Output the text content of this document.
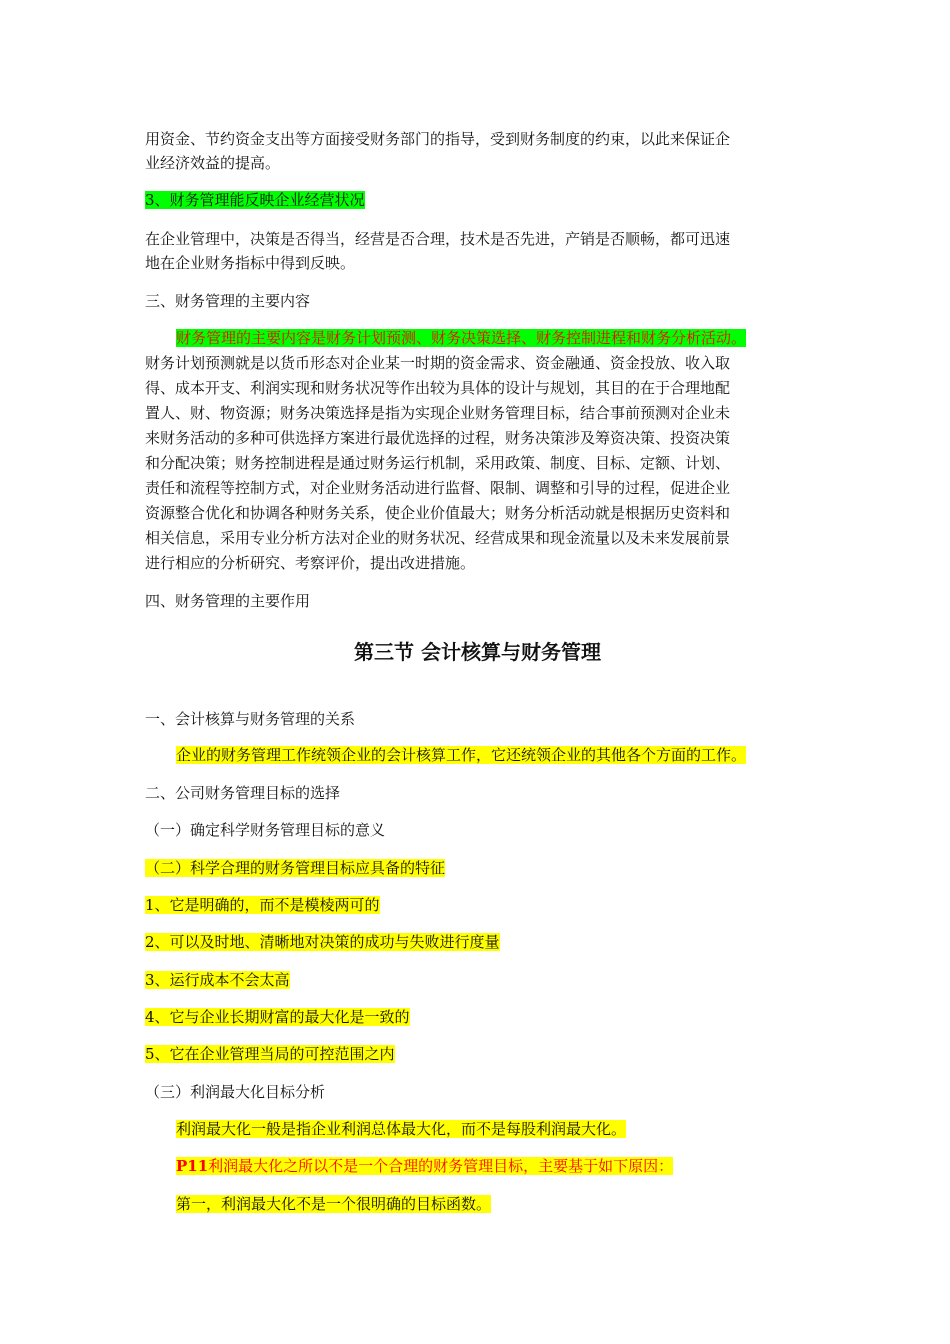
用资金、节约资金支出等方面接受财务部门的指导，受到财务制度的约束，以此来保证企
业经济效益的提高。
3、财务管理能反映企业经营状况
在企业管理中，决策是否得当，经营是否合理，技术是否先进，产销是否顺畅，都可迅速
地在企业财务指标中得到反映。
三、财务管理的主要内容
财务管理的主要内容是财务计划预测、财务决策选择、财务控制进程和财务分析活动。
财务计划预测就是以货币形态对企业某一时期的资金需求、资金融通、资金投放、收入取
得、成本开支、利润实现和财务状况等作出较为具体的设计与规划，其目的在于合理地配
置人、财、物资源；财务决策选择是指为实现企业财务管理目标，结合事前预测对企业未
来财务活动的多种可供选择方案进行最优选择的过程，财务决策涉及筹资决策、投资决策
和分配决策；财务控制进程是通过财务运行机制，采用政策、制度、目标、定额、计划、
责任和流程等控制方式，对企业财务活动进行监督、限制、调整和引导的过程，促进企业
资源整合优化和协调各种财务关系，使企业价值最大；财务分析活动就是根据历史资料和
相关信息，采用专业分析方法对企业的财务状况、经营成果和现金流量以及未来发展前景
进行相应的分析研究、考察评价，提出改进措施。
四、财务管理的主要作用
第三节 会计核算与财务管理
一、会计核算与财务管理的关系
企业的财务管理工作统领企业的会计核算工作，它还统领企业的其他各个方面的工作。
二、公司财务管理目标的选择
（一）确定科学财务管理目标的意义
（二）科学合理的财务管理目标应具备的特征
1、它是明确的，而不是模棱两可的
2、可以及时地、清晰地对决策的成功与失败进行度量
3、运行成本不会太高
4、它与企业长期财富的最大化是一致的
5、它在企业管理当局的可控范围之内
（三）利润最大化目标分析
利润最大化一般是指企业利润总体最大化，而不是每股利润最大化。
P11利润最大化之所以不是一个合理的财务管理目标，主要基于如下原因：
第一，利润最大化不是一个很明确的目标函数。
